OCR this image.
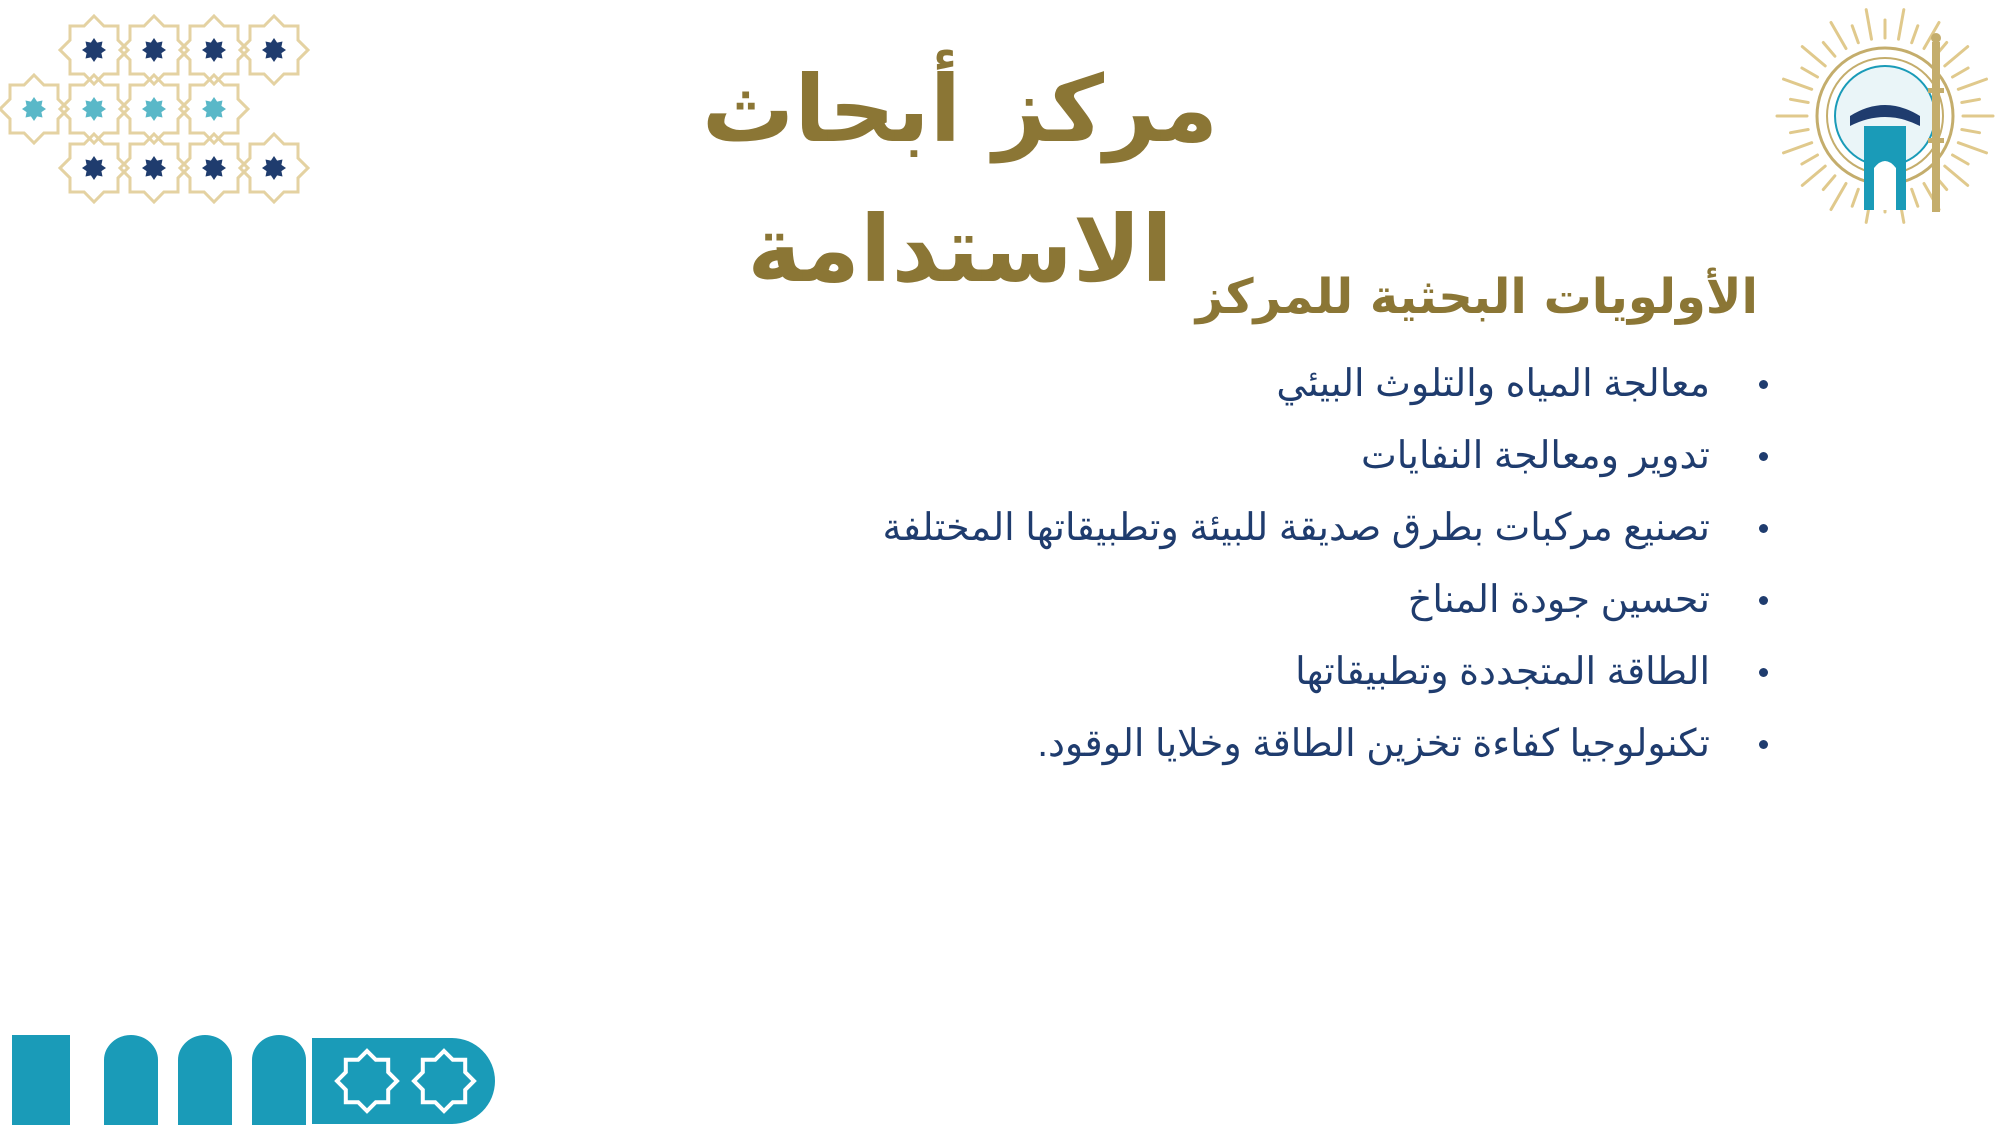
مركز أبحاث الاستدامة الأولويات البحثية للمركز
معالجة المياه والتلوث البيئي
تدوير ومعالجة النفايات
تصنيع مركبات بطرق صديقة للبيئة وتطبيقاتها المختلفة
تحسين جودة المناخ
الطاقة المتجددة وتطبيقاتها
تكنولوجيا كفاءة تخزين الطاقة وخلايا الوقود.
